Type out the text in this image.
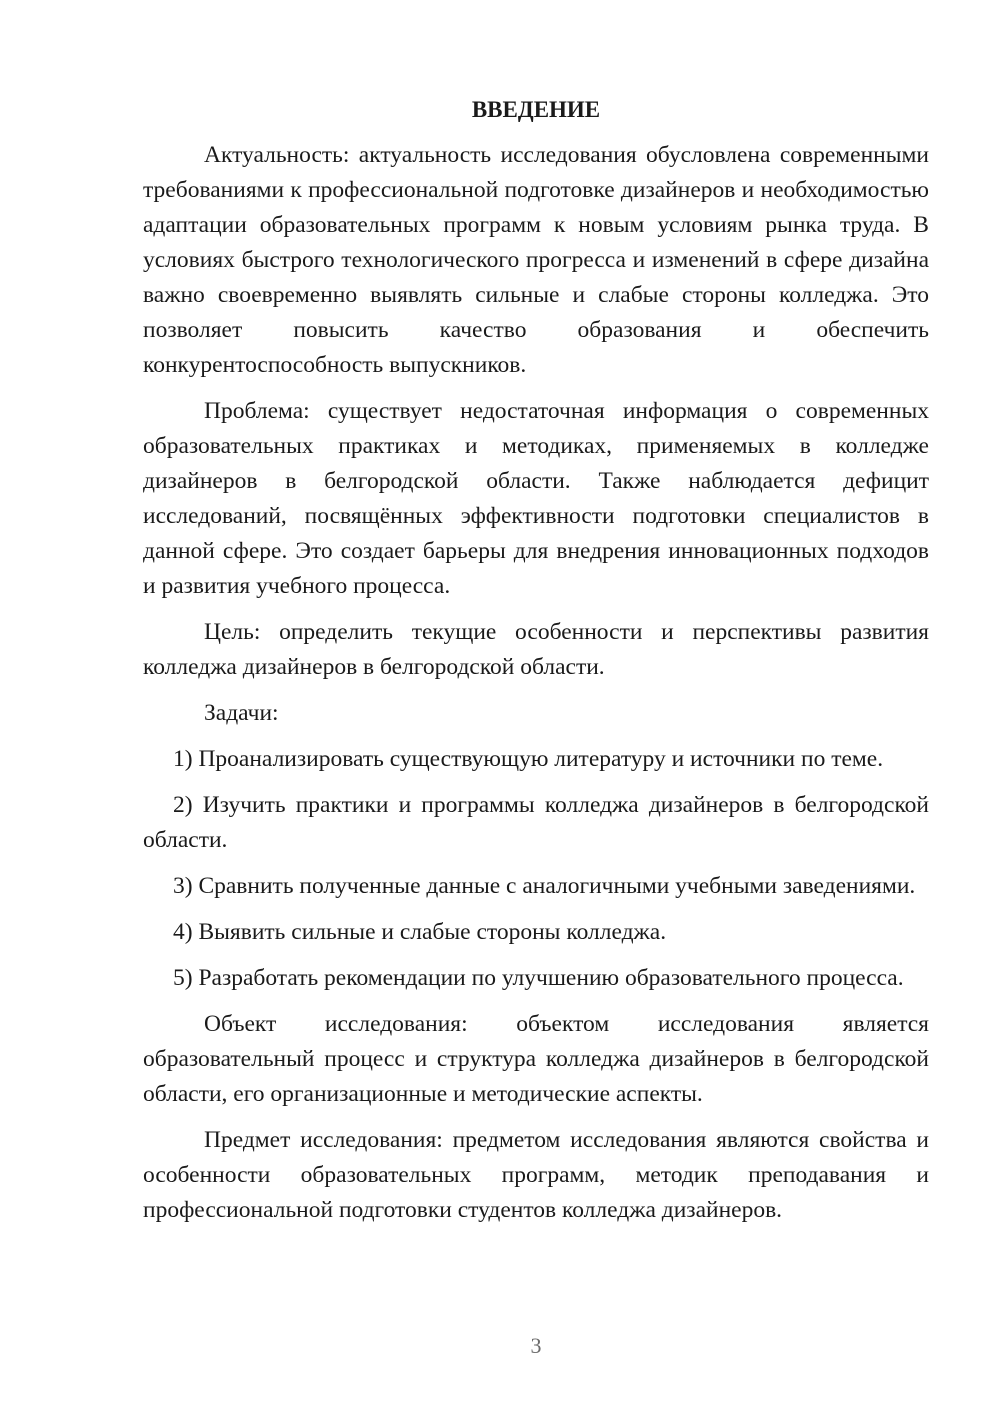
ВВЕДЕНИЕ

Актуальность: актуальность исследования обусловлена современными требованиями к профессиональной подготовке дизайнеров и необходимостью адаптации образовательных программ к новым условиям рынка труда. В условиях быстрого технологического прогресса и изменений в сфере дизайна важно своевременно выявлять сильные и слабые стороны колледжа. Это позволяет повысить качество образования и обеспечить конкурентоспособность выпускников.

Проблема: существует недостаточная информация о современных образовательных практиках и методиках, применяемых в колледже дизайнеров в белгородской области. Также наблюдается дефицит исследований, посвящённых эффективности подготовки специалистов в данной сфере. Это создает барьеры для внедрения инновационных подходов и развития учебного процесса.

Цель: определить текущие особенности и перспективы развития колледжа дизайнеров в белгородской области.

Задачи:

1) Проанализировать существующую литературу и источники по теме.

2) Изучить практики и программы колледжа дизайнеров в белгородской области.

3) Сравнить полученные данные с аналогичными учебными заведениями.

4) Выявить сильные и слабые стороны колледжа.

5) Разработать рекомендации по улучшению образовательного процесса.

Объект исследования: объектом исследования является образовательный процесс и структура колледжа дизайнеров в белгородской области, его организационные и методические аспекты.

Предмет исследования: предметом исследования являются свойства и особенности образовательных программ, методик преподавания и профессиональной подготовки студентов колледжа дизайнеров.

3
